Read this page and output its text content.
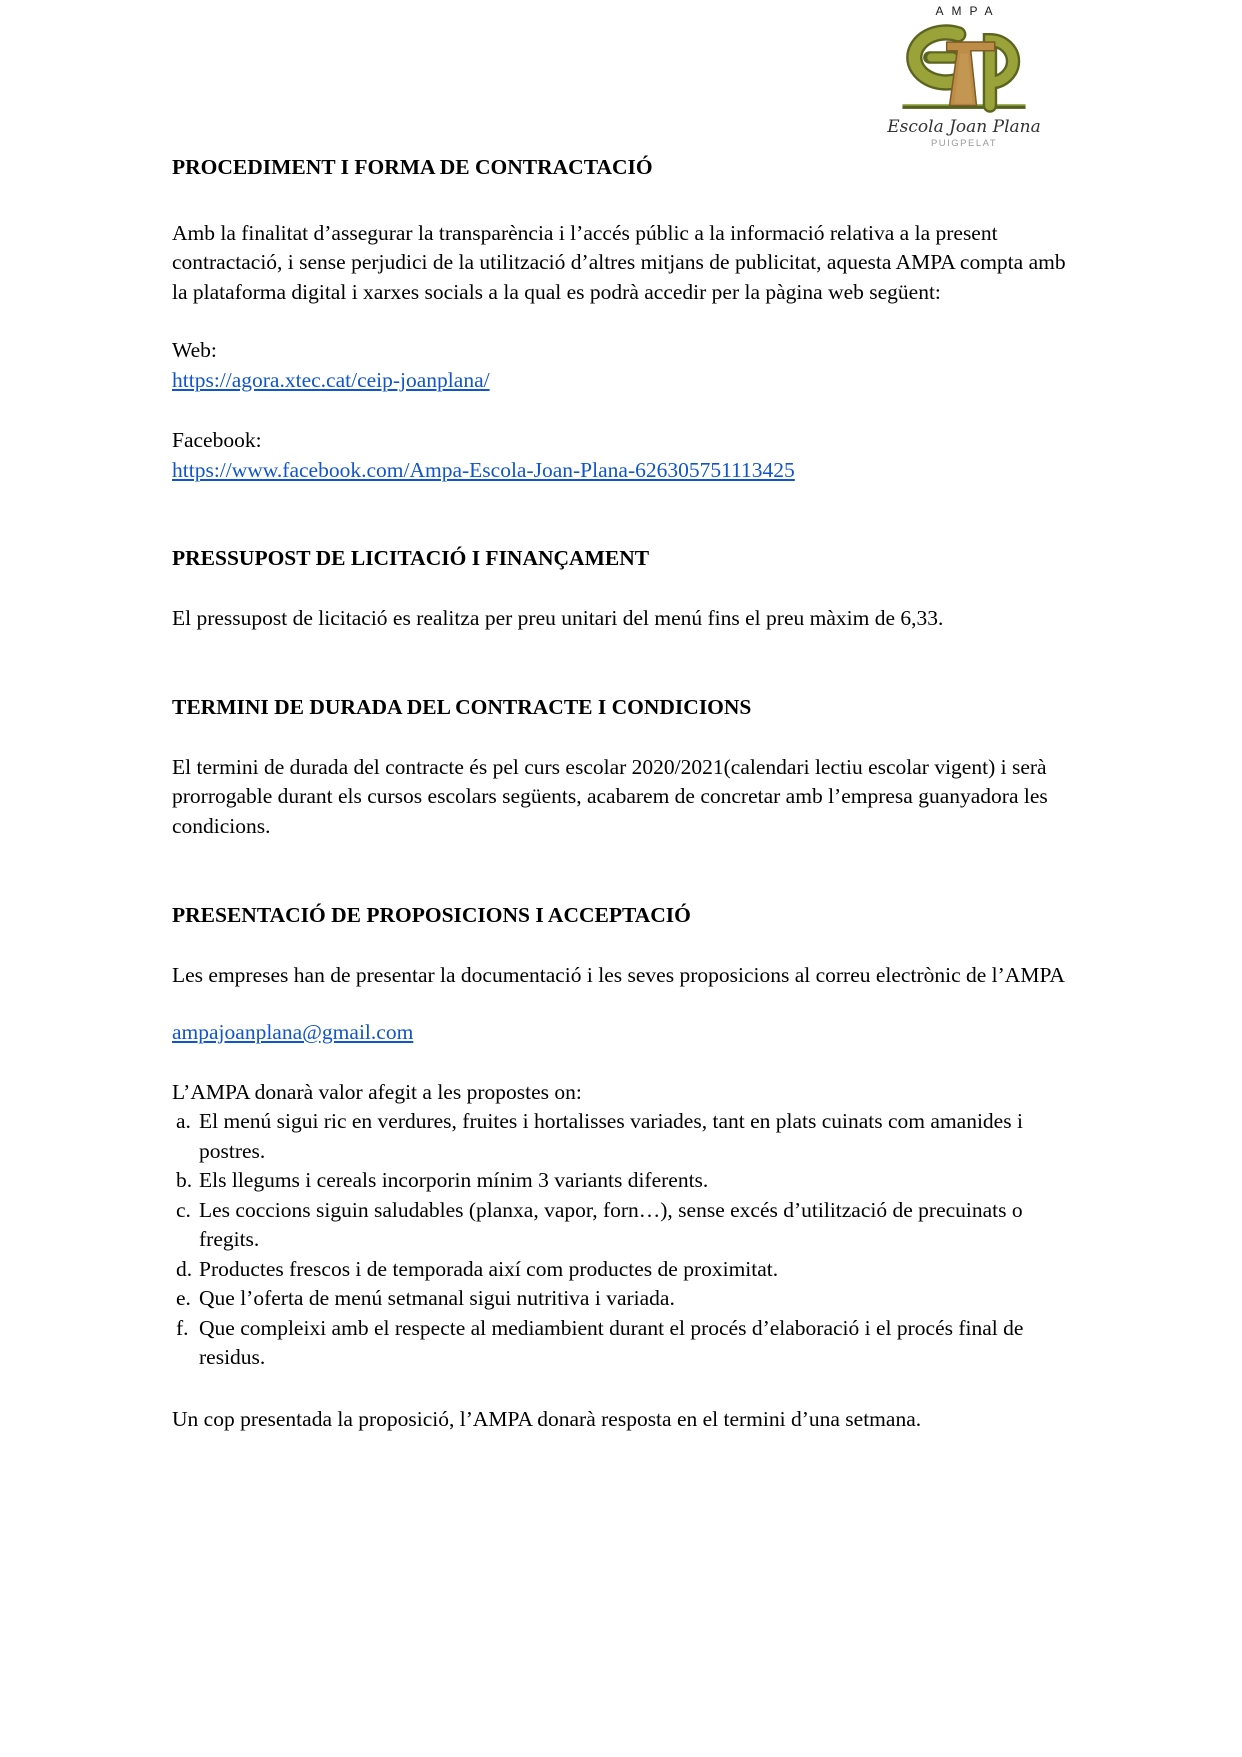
AMPA
Escola Joan Plana
PUIGPELAT
PROCEDIMENT I FORMA DE CONTRACTACIÓ

Amb la finalitat d’assegurar la transparència i l’accés públic a la informació relativa a la present contractació, i sense perjudici de la utilització d’altres mitjans de publicitat, aquesta AMPA compta amb la plataforma digital i xarxes socials a la qual es podrà accedir per la pàgina web següent:

Web:

https://agora.xtec.cat/ceip-joanplana/

Facebook:

https://www.facebook.com/Ampa-Escola-Joan-Plana-626305751113425

PRESSUPOST DE LICITACIÓ I FINANÇAMENT

El pressupost de licitació es realitza per preu unitari del menú fins el preu màxim de 6,33.

TERMINI DE DURADA DEL CONTRACTE I CONDICIONS

El termini de durada del contracte és pel curs escolar 2020/2021(calendari lectiu escolar vigent) i serà prorrogable durant els cursos escolars següents, acabarem de concretar amb l’empresa guanyadora les condicions.

PRESENTACIÓ DE PROPOSICIONS I ACCEPTACIÓ

Les empreses han de presentar la documentació i les seves proposicions al correu electrònic de l’AMPA

ampajoanplana@gmail.com

L’AMPA donarà valor afegit a les propostes on:

a. El menú sigui ric en verdures, fruites i hortalisses variades, tant en plats cuinats com amanides i postres.
b. Els llegums i cereals incorporin mínim 3 variants diferents.
c. Les coccions siguin saludables (planxa, vapor, forn…), sense excés d’utilització de precuinats o fregits.
d. Productes frescos i de temporada així com productes de proximitat.
e. Que l’oferta de menú setmanal sigui nutritiva i variada.
f. Que compleixi amb el respecte al mediambient durant el procés d’elaboració i el procés final de residus.

Un cop presentada la proposició, l’AMPA donarà resposta en el termini d’una setmana.
